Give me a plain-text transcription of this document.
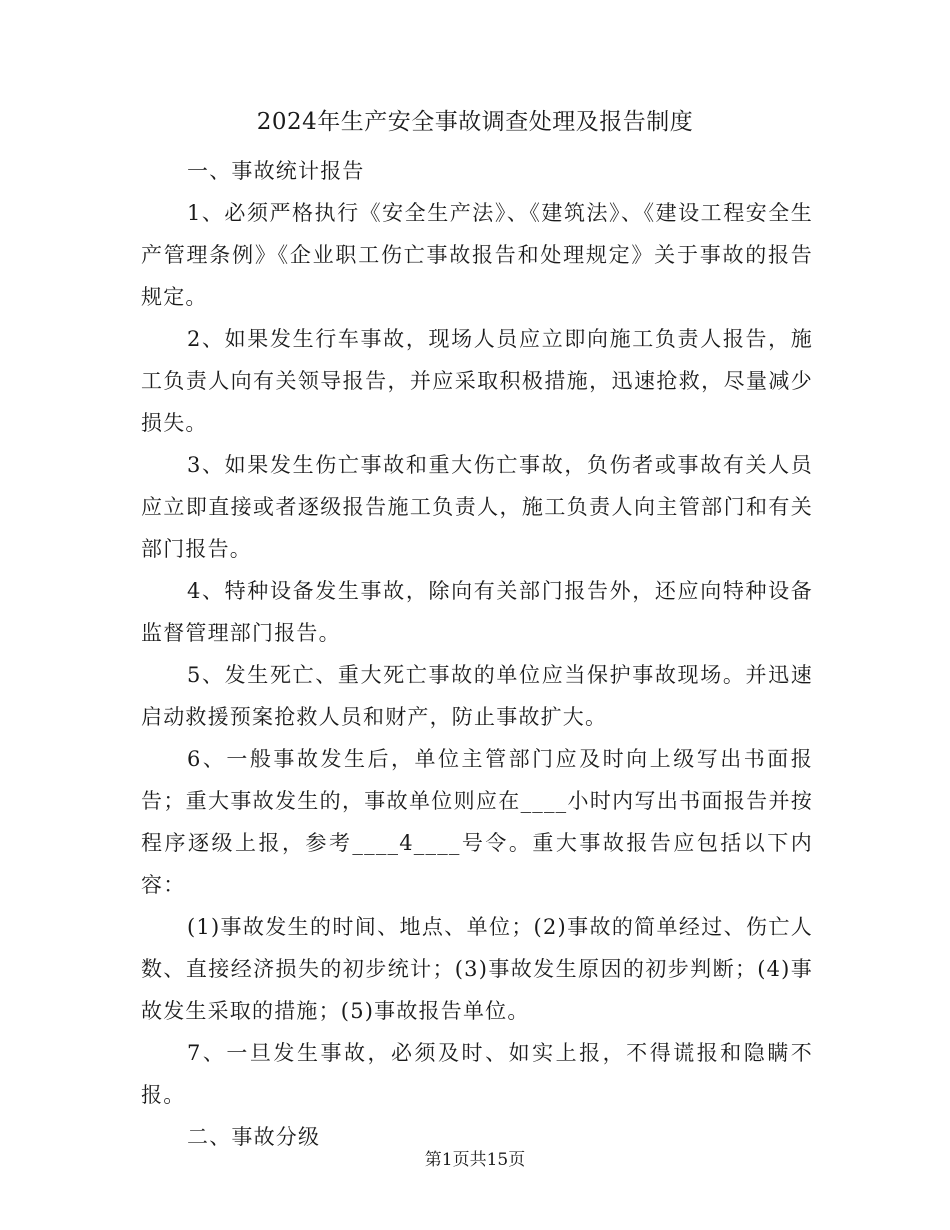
2024年生产安全事故调查处理及报告制度

一、事故统计报告

1、必须严格执行《安全生产法》、《建筑法》、《建设工程安全生产管理条例》《企业职工伤亡事故报告和处理规定》关于事故的报告规定。

2、如果发生行车事故，现场人员应立即向施工负责人报告，施工负责人向有关领导报告，并应采取积极措施，迅速抢救，尽量减少损失。

3、如果发生伤亡事故和重大伤亡事故，负伤者或事故有关人员应立即直接或者逐级报告施工负责人，施工负责人向主管部门和有关部门报告。

4、特种设备发生事故，除向有关部门报告外，还应向特种设备监督管理部门报告。

5、发生死亡、重大死亡事故的单位应当保护事故现场。并迅速启动救援预案抢救人员和财产，防止事故扩大。

6、一般事故发生后，单位主管部门应及时向上级写出书面报告；重大事故发生的，事故单位则应在____小时内写出书面报告并按程序逐级上报，参考____4____号令。重大事故报告应包括以下内容：

(1)事故发生的时间、地点、单位；(2)事故的简单经过、伤亡人数、直接经济损失的初步统计；(3)事故发生原因的初步判断；(4)事故发生采取的措施；(5)事故报告单位。

7、一旦发生事故，必须及时、如实上报，不得谎报和隐瞒不报。

二、事故分级

第1页共15页
